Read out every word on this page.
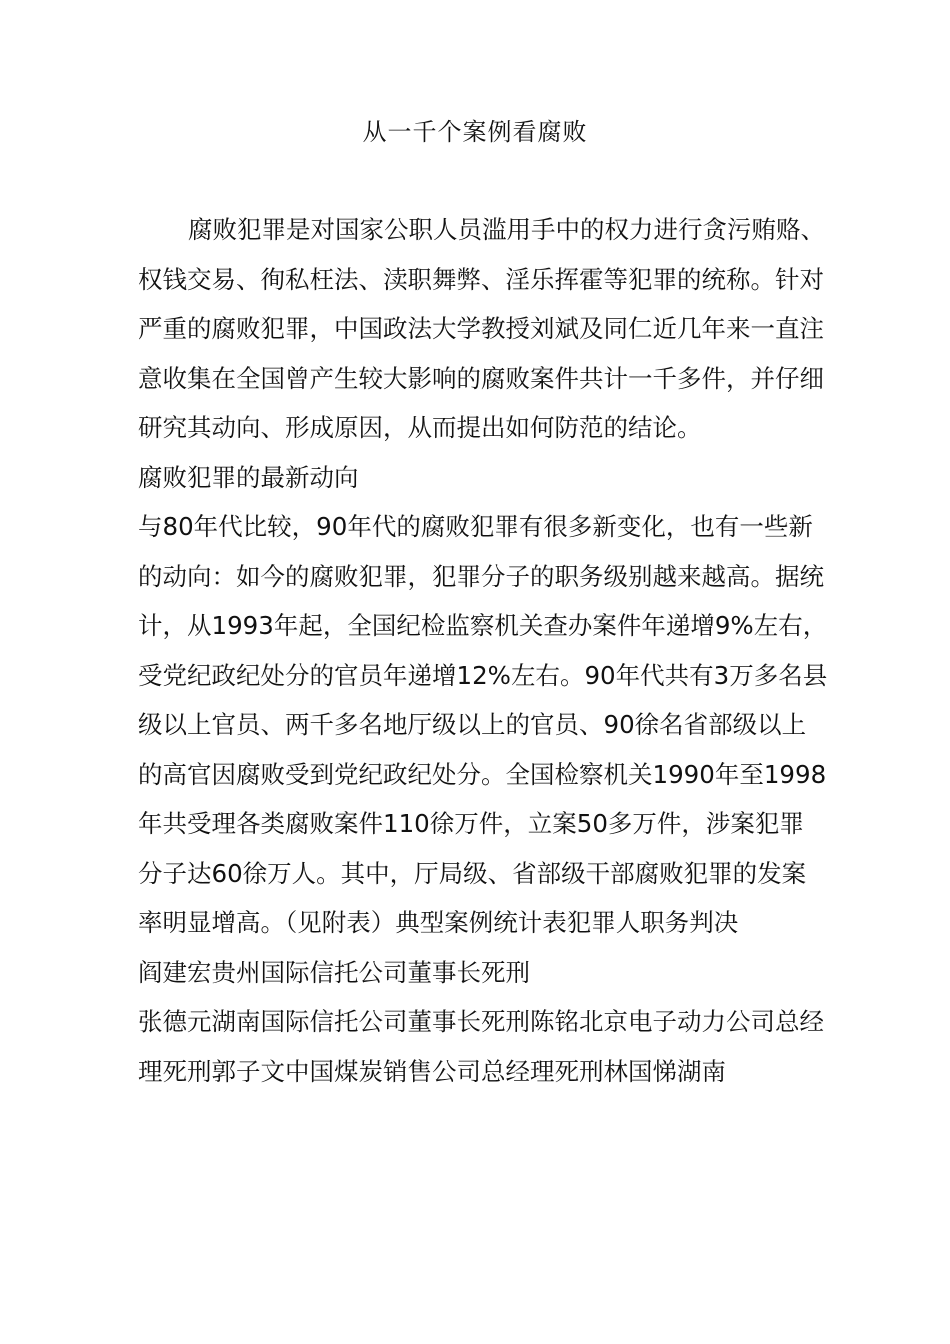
从一千个案例看腐败

腐败犯罪是对国家公职人员滥用手中的权力进行贪污贿赂、权钱交易、徇私枉法、渎职舞弊、淫乐挥霍等犯罪的统称。针对严重的腐败犯罪，中国政法大学教授刘斌及同仁近几年来一直注意收集在全国曾产生较大影响的腐败案件共计一千多件，并仔细研究其动向、形成原因，从而提出如何防范的结论。

腐败犯罪的最新动向

与80年代比较，90年代的腐败犯罪有很多新变化，也有一些新的动向：如今的腐败犯罪，犯罪分子的职务级别越来越高。据统计，从1993年起，全国纪检监察机关查办案件年递增9%左右，受党纪政纪处分的官员年递增12%左右。90年代共有3万多名县级以上官员、两千多名地厅级以上的官员、90徐名省部级以上的高官因腐败受到党纪政纪处分。全国检察机关1990年至1998年共受理各类腐败案件110徐万件，立案50多万件，涉案犯罪分子达60徐万人。其中，厅局级、省部级干部腐败犯罪的发案率明显增高。（见附表）典型案例统计表犯罪人职务判决

阎建宏贵州国际信托公司董事长死刑

张德元湖南国际信托公司董事长死刑陈铭北京电子动力公司总经理死刑郭子文中国煤炭销售公司总经理死刑林国悌湖南
